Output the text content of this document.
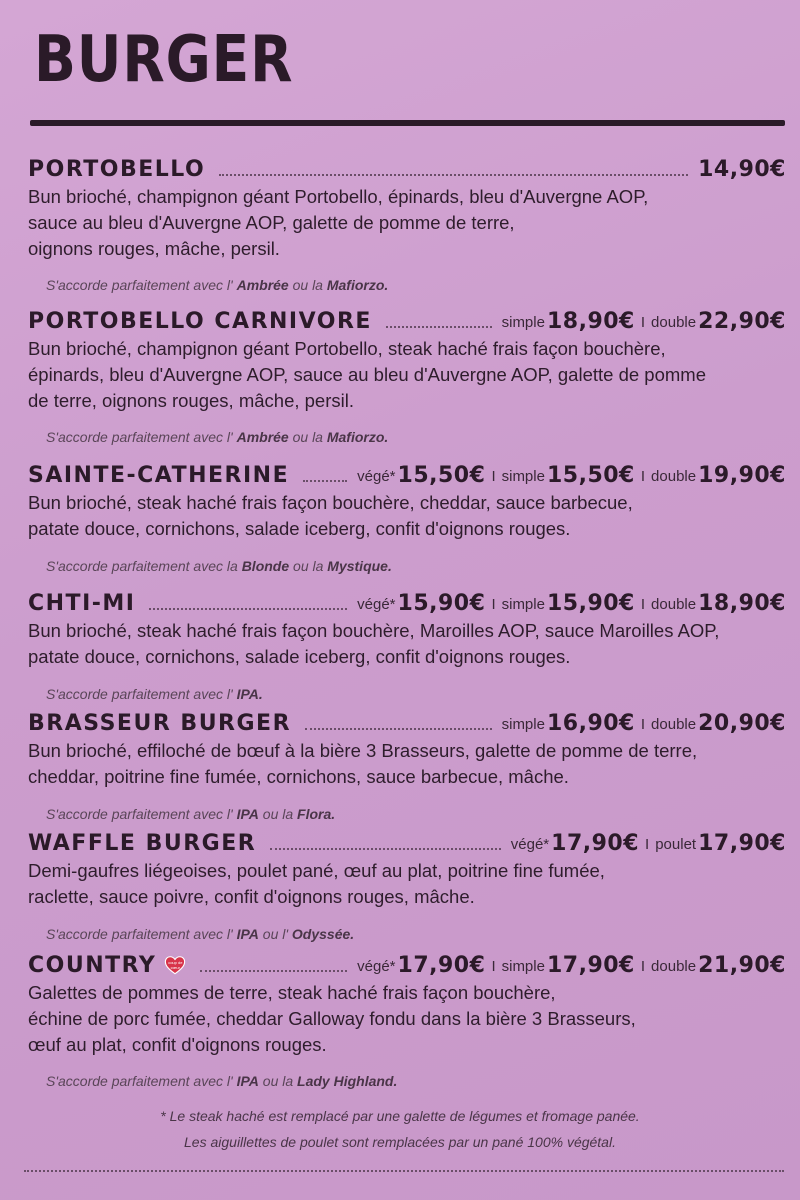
BURGER
PORTOBELLO	14,90€
Bun brioché, champignon géant Portobello, épinards, bleu d'Auvergne AOP,
sauce au bleu d'Auvergne AOP, galette de pomme de terre,
oignons rouges, mâche, persil.
S'accorde parfaitement avec l' Ambrée ou la Mafiorzo.
PORTOBELLO CARNIVORE	simple 18,90€ I double 22,90€
Bun brioché, champignon géant Portobello, steak haché frais façon bouchère,
épinards, bleu d'Auvergne AOP, sauce au bleu d'Auvergne AOP, galette de pomme
de terre, oignons rouges, mâche, persil.
S'accorde parfaitement avec l' Ambrée ou la Mafiorzo.
SAINTE-CATHERINE	végé* 15,50€ I simple 15,50€ I double 19,90€
Bun brioché, steak haché frais façon bouchère, cheddar, sauce barbecue,
patate douce, cornichons, salade iceberg, confit d'oignons rouges.
S'accorde parfaitement avec la Blonde ou la Mystique.
CHTI-MI	végé* 15,90€ I simple 15,90€ I double 18,90€
Bun brioché, steak haché frais façon bouchère, Maroilles AOP, sauce Maroilles AOP,
patate douce, cornichons, salade iceberg, confit d'oignons rouges.
S'accorde parfaitement avec l' IPA.
BRASSEUR BURGER	simple 16,90€ I double 20,90€
Bun brioché, effiloché de bœuf à la bière 3 Brasseurs, galette de pomme de terre,
cheddar, poitrine fine fumée, cornichons, sauce barbecue, mâche.
S'accorde parfaitement avec l' IPA ou la Flora.
WAFFLE BURGER	végé* 17,90€ I poulet 17,90€
Demi-gaufres liégeoises, poulet pané, œuf au plat, poitrine fine fumée,
raclette, sauce poivre, confit d'oignons rouges, mâche.
S'accorde parfaitement avec l' IPA ou l' Odyssée.
COUNTRY	coup de cœur	végé* 17,90€ I simple 17,90€ I double 21,90€
Galettes de pommes de terre, steak haché frais façon bouchère,
échine de porc fumée, cheddar Galloway fondu dans la bière 3 Brasseurs,
œuf au plat, confit d'oignons rouges.
S'accorde parfaitement avec l' IPA ou la Lady Highland.
* Le steak haché est remplacé par une galette de légumes et fromage panée.
Les aiguillettes de poulet sont remplacées par un pané 100% végétal.
